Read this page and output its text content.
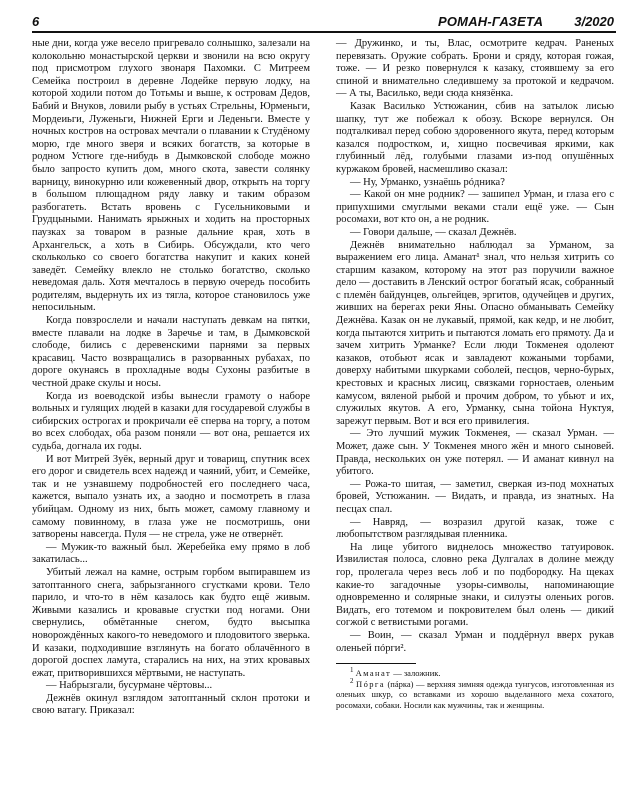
6	РОМАН-ГАЗЕТА 3/2020

ные дни, когда уже весело пригревало солнышко, залезали на колокольню монастырской церкви и звонили на всю округу под присмотром глухого звонаря Пахомки. С Митреем Семейка построил в деревне Лодейке первую лодку, на которой ходили потом до Тотьмы и выше, к островам Дедов, Бабий и Внуков, ловили рыбу в устьях Стрельны, Юрменьги, Мордеиьги, Луженьги, Нижней Ерги и Леденьги. Вместе у ночных костров на островах мечтали о плавании к Студёному морю, где много зверя и всяких богатств, за которые в родном Устюге где-нибудь в Дымковской слободе можно было запросто купить дом, много скота, завести солянку варницу, винокурню или кожевенный двор, открыть на торгу в большом плющадном ряду лавку и таким образом разбогатеть. Встать вровень с Гусельниковыми и Грудцыными. Нанимать ярыжных и ходить на просторных паузках за товаром в разные дальние края, хоть в Архангельск, а хоть в Сибирь. Обсуждали, кто чего скольколько со своего богатства накупит и каких коней заведёт. Семейку влекло не столько богатство, сколько неведомая даль. Хотя мечталось в первую очередь пособить родителям, выдернуть их из тягла, которое становилось уже непосильным.

Когда повзрослели и начали наступать девкам на пятки, вместе плавали на лодке в Заречье и там, в Дымковской слободе, бились с деревенскими парнями за первых красавиц. Часто возвращались в разорванных рубахах, по дороге окунаясь в прохладные воды Сухоны разбитые в честной драке скулы и носы.

Когда из воеводской избы вынесли грамоту о наборе вольных и гулящих людей в казаки для государевой службы в сибирских острогах и прокричали её сперва на торгу, а потом во всех слободах, оба разом поняли — вот она, решается их судьба, догнала их годы.

И вот Митрей Зуёк, верный друг и товарищ, спутник всех его дорог и свидетель всех надежд и чаяний, убит, и Семейке, так и не узнавшему подробностей его последнего часа, кажется, выпало узнать их, а заодно и посмотреть в глаза убийцам. Одному из них, быть может, самому главному и самому повинному, в глаза уже не посмотришь, они затворены навсегда. Пуля — не стрела, уже не отвернёт.

— Мужик-то важный был. Жеребейка ему прямо в лоб закатилась...

Убитый лежал на камне, острым горбом выпиравшем из затоптанного снега, забрызганного сгустками крови. Тело парило, и что-то в нём казалось как будто ещё живым. Живыми казались и кровавые сгустки под ногами. Они свернулись, обмётанные снегом, будто высыпка новорождённых какого-то неведомого и плодовитого зверька. И казаки, подходившие взглянуть на богато облачённого в дорогой доспех ламута, старались на них, на этих кровавых ежат, притворившихся мёртвыми, не наступать.

— Набрызгали, бусурмане чёртовы...

Дежнёв окинул взглядом затоптанный склон протоки и свою ватагу. Приказал:

— Дружинко, и ты, Влас, осмотрите кедрач. Раненых перевязать. Оружие собрать. Брони и сряду, которая гожая, тоже. — И резко повернулся к казаку, стоявшему за его спиной и внимательно следившему за протокой и кедрачом. — А ты, Василько, веди сюда князёнка.

Казак Василько Устюжанин, сбив на затылок лисью шапку, тут же побежал к обозу. Вскоре вернулся. Он подталкивал перед собою здоровенного якута, перед которым казался подростком, и, хищно посвечивая яркими, как глубинный лёд, голубыми глазами из-под опушённых куржаком бровей, насмешливо сказал:

— Ну, Урманко, узнаёшь рóдника?

— Какой он мне родник? — зашипел Урман, и глаза его с припухшими смуглыми веками стали ещё уже. — Сын росомахи, вот кто он, а не родник.

— Говори дальше, — сказал Дежнёв.

Дежнёв внимательно наблюдал за Урманом, за выражением его лица. Аманат¹ знал, что нельзя хитрить со старшим казаком, которому на этот раз поручили важное дело — доставить в Ленский острог богатый ясак, собранный с племён байдунцев, ольгейцев, эргитов, одучейцев и других, живших на берегах реки Яны. Опасно обманывать Семейку Дежнёва. Казак он не лукавый, прямой, как кедр, и не любит, когда пытаются хитрить и пытаются ломать его прямоту. Да и зачем хитрить Урманке? Если люди Токменея одолеют казаков, отобьют ясак и завладеют кожаными торбами, доверху набитыми шкурками соболей, песцов, черно-бурых, крестовых и красных лисиц, связками горностаев, оленьим камусом, вяленой рыбой и прочим добром, то убьют и их, служилых якутов. А его, Урманку, сына тойона Нуктуя, зарежут первым. Вот и вся его привилегия.

— Это лучший мужик Токменея, — сказал Урман. — Может, даже сын. У Токменея много жён и много сыновей. Правда, нескольких он уже потерял. — И аманат кивнул на убитого.

— Рожа-то шитая, — заметил, сверкая из-под мохнатых бровей, Устюжанин. — Видать, и правда, из знатных. На песцах спал.

— Навряд, — возразил другой казак, тоже с любопытством разглядывая пленника.

На лице убитого виднелось множество татуировок. Извилистая полоса, словно река Дулгалах в долине между гор, пролегала через весь лоб и по подбородку. На щеках какие-то загадочные узоры-символы, напоминающие одновременно и солярные знаки, и силуэты оленьих рогов. Видать, его тотемом и покровителем был олень — дикий согжой с ветвистыми рогами.

— Воин, — сказал Урман и поддёрнул вверх рукав оленьей пóрги².

$^1$ Аманат — заложник.

$^2$ Пóрга (пáрка) — верхняя зимняя одежда тунгусов, изготовленная из оленьих шкур, со вставками из хорошо выделанного меха сохатого, росомахи, собаки. Носили как мужчины, так и женщины.
